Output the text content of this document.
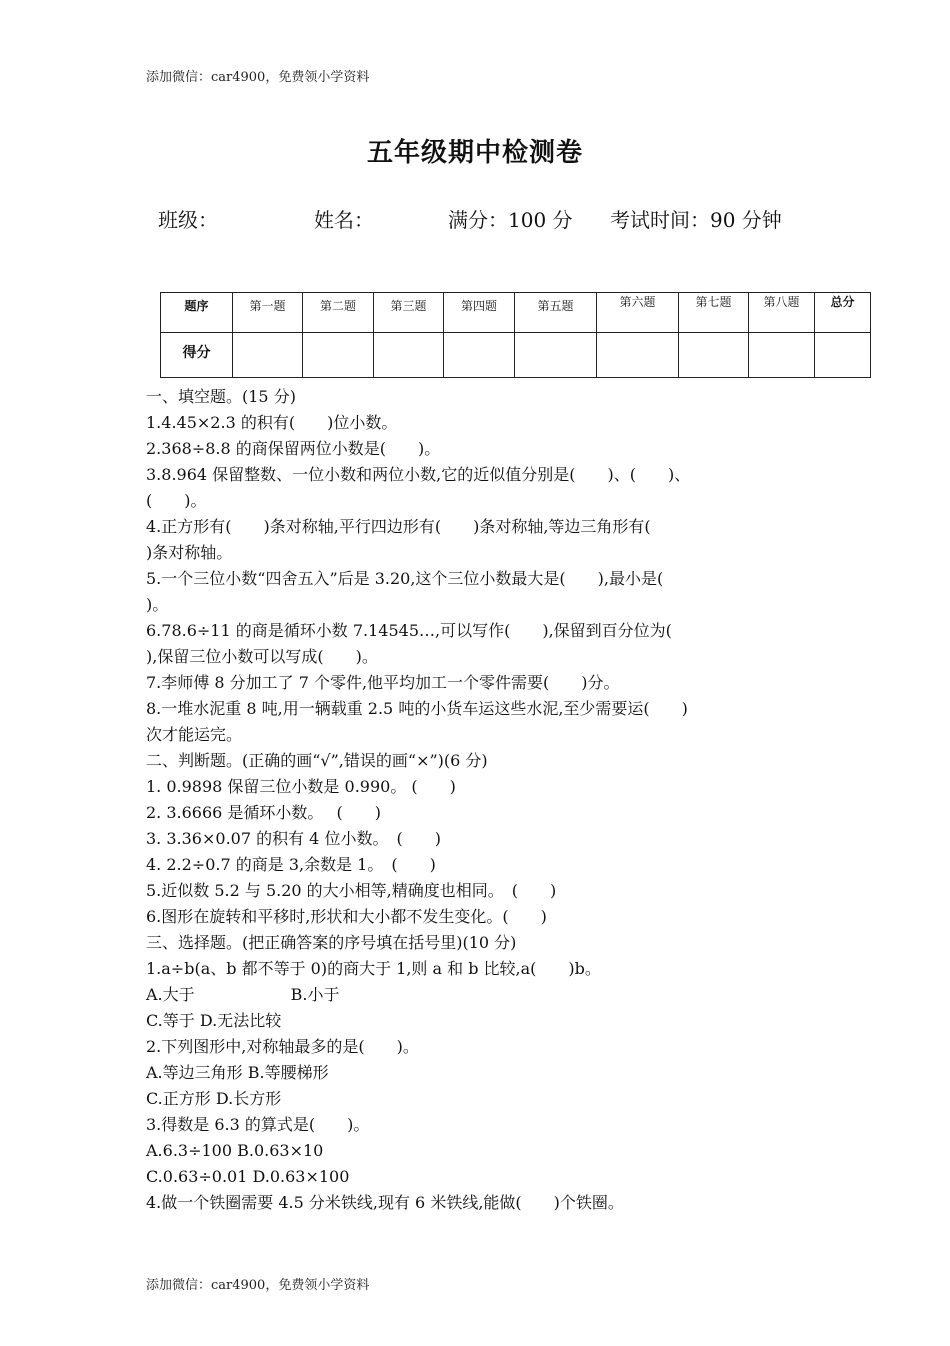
添加微信：car4900，免费领小学资料
五年级期中检测卷
班级：	姓名：	满分：100 分 考试时间：90 分钟
题序	第一题	第二题	第三题	第四题	第五题	第六题	第七题	第八题	总分
得分									
一、填空题。(15 分)
1.4.45×2.3 的积有(　　)位小数。
2.368÷8.8 的商保留两位小数是(　　)。
3.8.964 保留整数、一位小数和两位小数,它的近似值分别是(　　)、(　　)、
(　　)。
4.正方形有(　　)条对称轴,平行四边形有(　　)条对称轴,等边三角形有(
)条对称轴。
5.一个三位小数“四舍五入”后是 3.20,这个三位小数最大是(　　),最小是(
)。
6.78.6÷11 的商是循环小数 7.14545…,可以写作(　　),保留到百分位为(
),保留三位小数可以写成(　　)。
7.李师傅 8 分加工了 7 个零件,他平均加工一个零件需要(　　)分。
8.一堆水泥重 8 吨,用一辆载重 2.5 吨的小货车运这些水泥,至少需要运(　　)
次才能运完。
二、判断题。(正确的画“√”,错误的画“×”)(6 分)
1. 0.9898 保留三位小数是 0.990。 (　　)
2. 3.6666 是循环小数。　 (　　)
3. 3.36×0.07 的积有 4 位小数。　(　　)
4. 2.2÷0.7 的商是 3,余数是 1。　(　　)
5.近似数 5.2 与 5.20 的大小相等,精确度也相同。　(　　)
6.图形在旋转和平移时,形状和大小都不发生变化。(　　)
三、选择题。(把正确答案的序号填在括号里)(10 分)
1.a÷b(a、b 都不等于 0)的商大于 1,则 a 和 b 比较,a(　　)b。
A.大于　　　　　　B.小于
C.等于 D.无法比较
2.下列图形中,对称轴最多的是(　　)。
A.等边三角形 B.等腰梯形
C.正方形 D.长方形
3.得数是 6.3 的算式是(　　)。
A.6.3÷100 B.0.63×10
C.0.63÷0.01 D.0.63×100
4.做一个铁圈需要 4.5 分米铁线,现有 6 米铁线,能做(　　)个铁圈。
添加微信：car4900，免费领小学资料
